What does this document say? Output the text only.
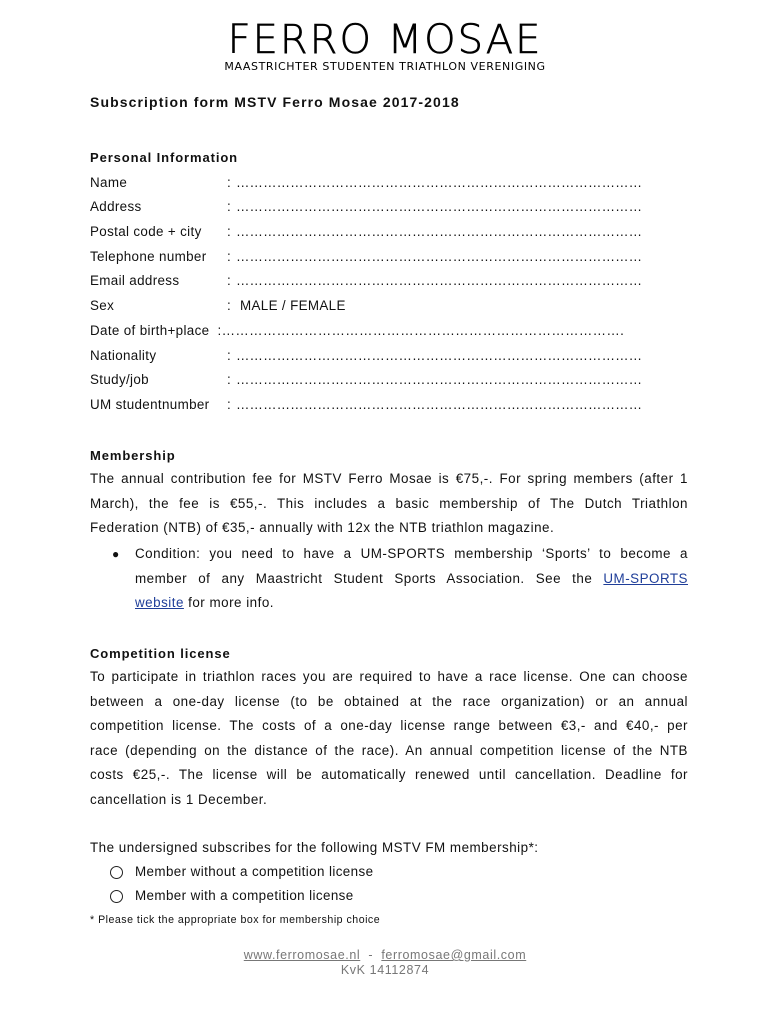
FERRO MOSAE
MAASTRICHTER STUDENTEN TRIATHLON VERENIGING
Subscription form MSTV Ferro Mosae 2017-2018
Personal Information
Name	: ………………………………………………………………………………
Address	: ………………………………………………………………………………
Postal code + city : ………………………………………………………………………………
Telephone number : ………………………………………………………………………………
Email address	: ………………………………………………………………………………
Sex	: MALE / FEMALE
Date of birth+place :…………………………………………………………………………….
Nationality	: ………………………………………………………………………………
Study/job	: ………………………………………………………………………………
UM studentnumber : ………………………………………………………………………………
Membership
The annual contribution fee for MSTV Ferro Mosae is €75,-. For spring members (after 1
March), the fee is €55,-. This includes a basic membership of The Dutch Triathlon
Federation (NTB) of €35,- annually with 12x the NTB triathlon magazine.
● Condition: you need to have a UM-SPORTS membership ‘Sports’ to become a
member of any Maastricht Student Sports Association. See the UM-SPORTS
website for more info.
Competition license
To participate in triathlon races you are required to have a race license. One can choose
between a one-day license (to be obtained at the race organization) or an annual
competition license. The costs of a one-day license range between €3,- and €40,- per
race (depending on the distance of the race). An annual competition license of the NTB
costs €25,-. The license will be automatically renewed until cancellation. Deadline for
cancellation is 1 December.
The undersigned subscribes for the following MSTV FM membership*:
Member without a competition license
Member with a competition license
* Please tick the appropriate box for membership choice
www.ferromosae.nl - ferromosae@gmail.com
KvK 14112874
